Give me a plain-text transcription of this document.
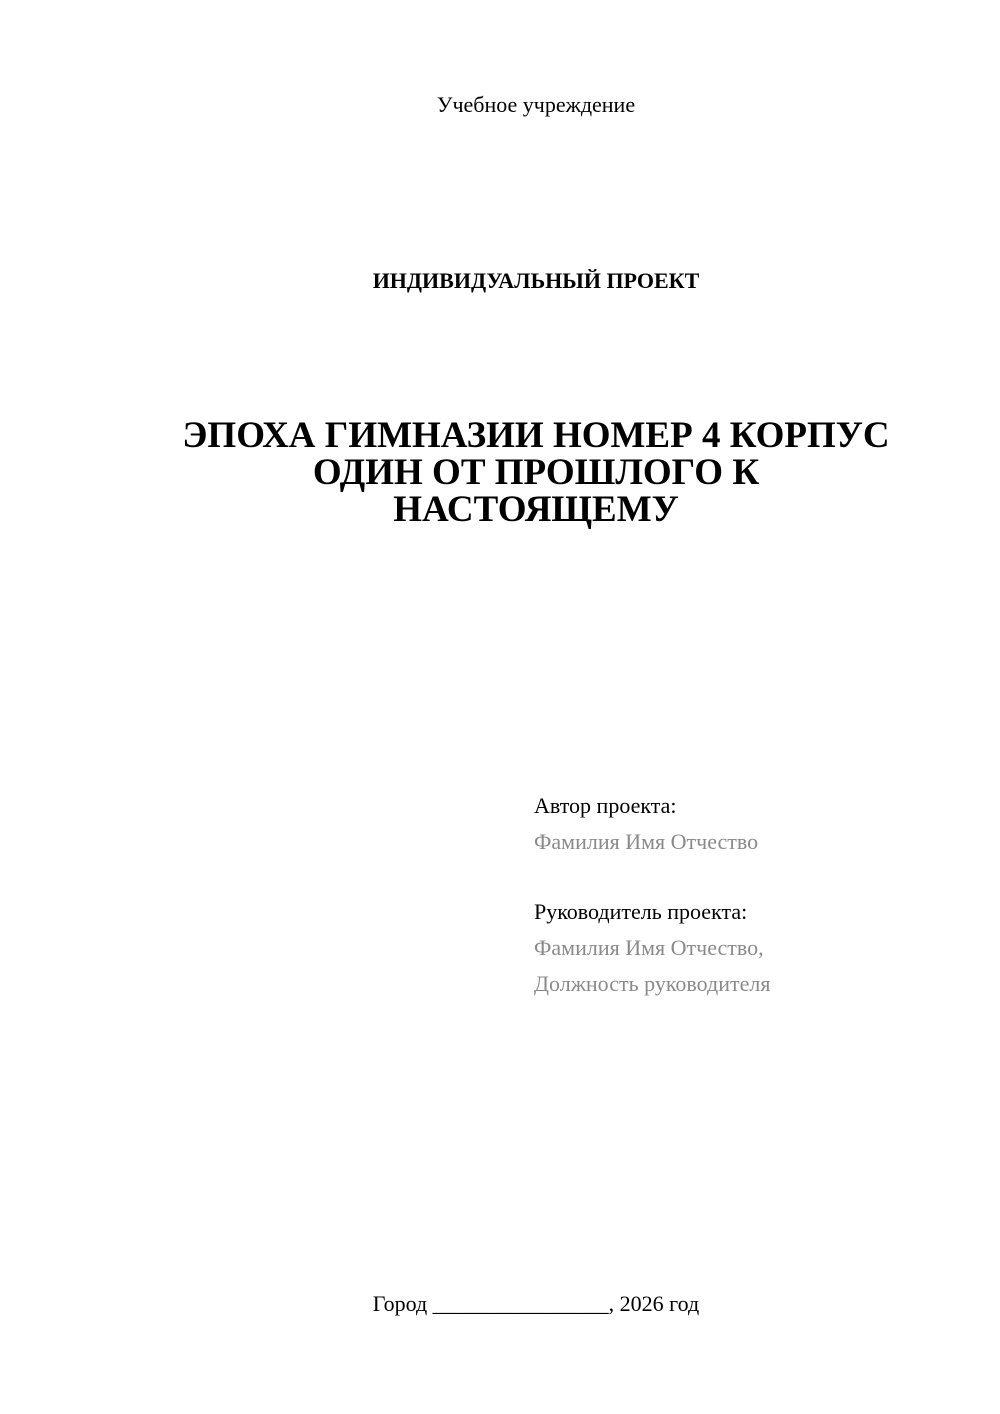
Учебное учреждение
ИНДИВИДУАЛЬНЫЙ ПРОЕКТ
ЭПОХА ГИМНАЗИИ НОМЕР 4 КОРПУС
ОДИН ОТ ПРОШЛОГО К
НАСТОЯЩЕМУ
Автор проекта:
Фамилия Имя Отчество
Руководитель проекта:
Фамилия Имя Отчество,
Должность руководителя
Город ________________, 2026 год
